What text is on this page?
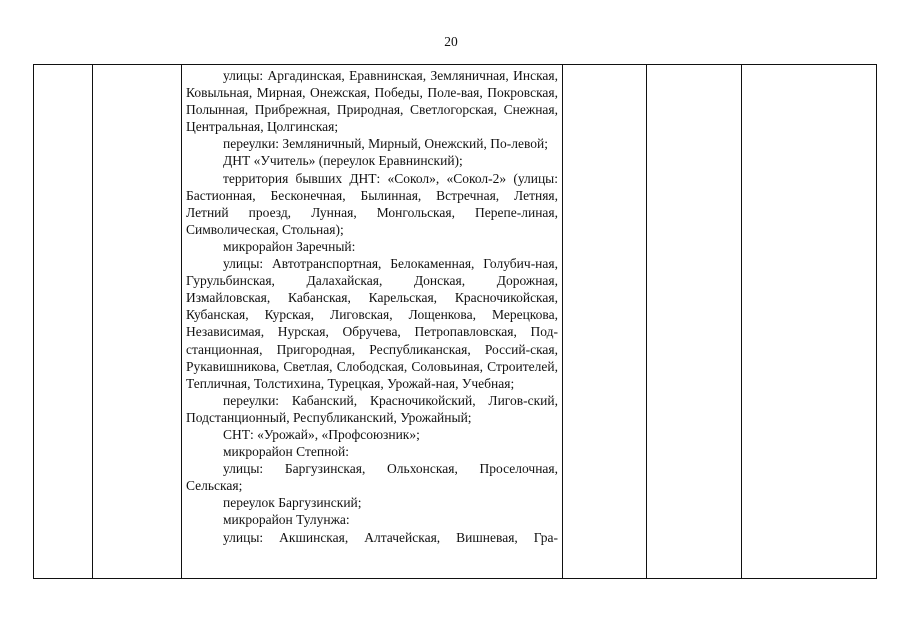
20

улицы: Аргадинская, Еравнинская, Земляничная, Инская, Ковыльная, Мирная, Онежская, Победы, Поле-вая, Покровская, Полынная, Прибрежная, Природная, Светлогорская, Снежная, Центральная, Цолгинская;

переулки: Земляничный, Мирный, Онежский, По-левой;

ДНТ «Учитель» (переулок Еравнинский);

территория бывших ДНТ: «Сокол», «Сокол-2» (улицы: Бастионная, Бесконечная, Былинная, Встречная, Летняя, Летний проезд, Лунная, Монгольская, Перепе-линая, Символическая, Стольная);

микрорайон Заречный:

улицы: Автотранспортная, Белокаменная, Голубич-ная, Гурульбинская, Далахайская, Донская, Дорожная, Измайловская, Кабанская, Карельская, Красночикойская, Кубанская, Курская, Лиговская, Лощенкова, Мерецкова, Независимая, Нурская, Обручева, Петропавловская, Под-станционная, Пригородная, Республиканская, Россий-ская, Рукавишникова, Светлая, Слободская, Соловьиная, Строителей, Тепличная, Толстихина, Турецкая, Урожай-ная, Учебная;

переулки: Кабанский, Красночикойский, Лигов-ский, Подстанционный, Республиканский, Урожайный;

СНТ: «Урожай», «Профсоюзник»;

микрорайон Степной:

улицы: Баргузинская, Ольхонская, Проселочная, Сельская;

переулок Баргузинский;

микрорайон Тулунжа:

улицы: Акшинская, Алтачейская, Вишневая, Гра-
